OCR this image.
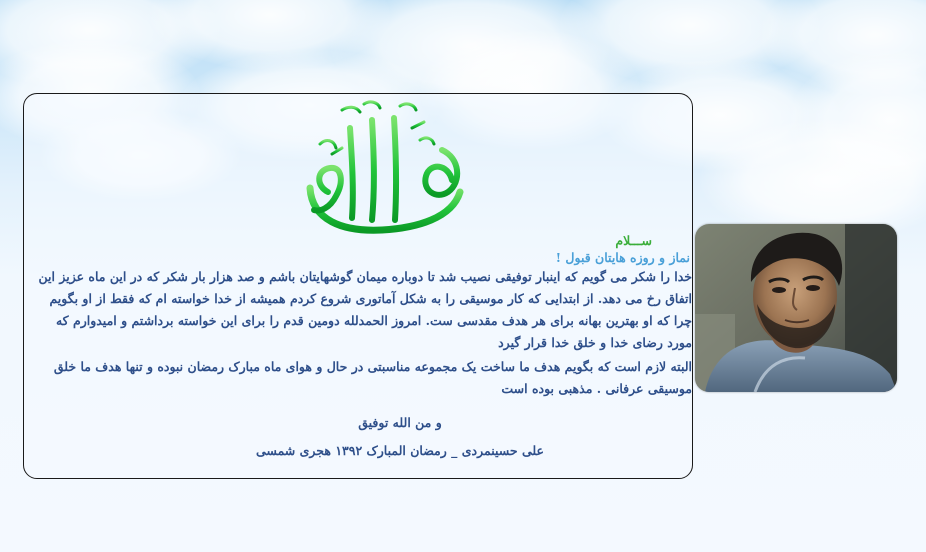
ســـلام
نماز و روزه هایتان قبول !

خدا را شکر می گویم که اینبار توفیقی نصیب شد تا دوباره میمان گوشهایتان باشم و صد هزار بار شکر که در این ماه عزیز این اتفاق رخ می دهد. از ابتدایی که کار موسیقی را به شکل آماتوری شروع کردم همیشه از خدا خواسته ام که فقط از او بگویم چرا که او بهترین بهانه برای هر هدف مقدسی ست. امروز الحمدلله دومین قدم را برای این خواسته برداشتم و امیدوارم که مورد رضای خدا و خلق خدا قرار گیرد

البته لازم است که بگویم هدف ما ساخت یک مجموعه مناسبتی در حال و هوای ماه مبارک رمضان نبوده و تنها هدف ما خلق موسیقی عرفانی . مذهبی بوده است

و من الله توفیق
علی حسینمردی _ رمضان المبارک ۱۳۹۲ هجری شمسی
